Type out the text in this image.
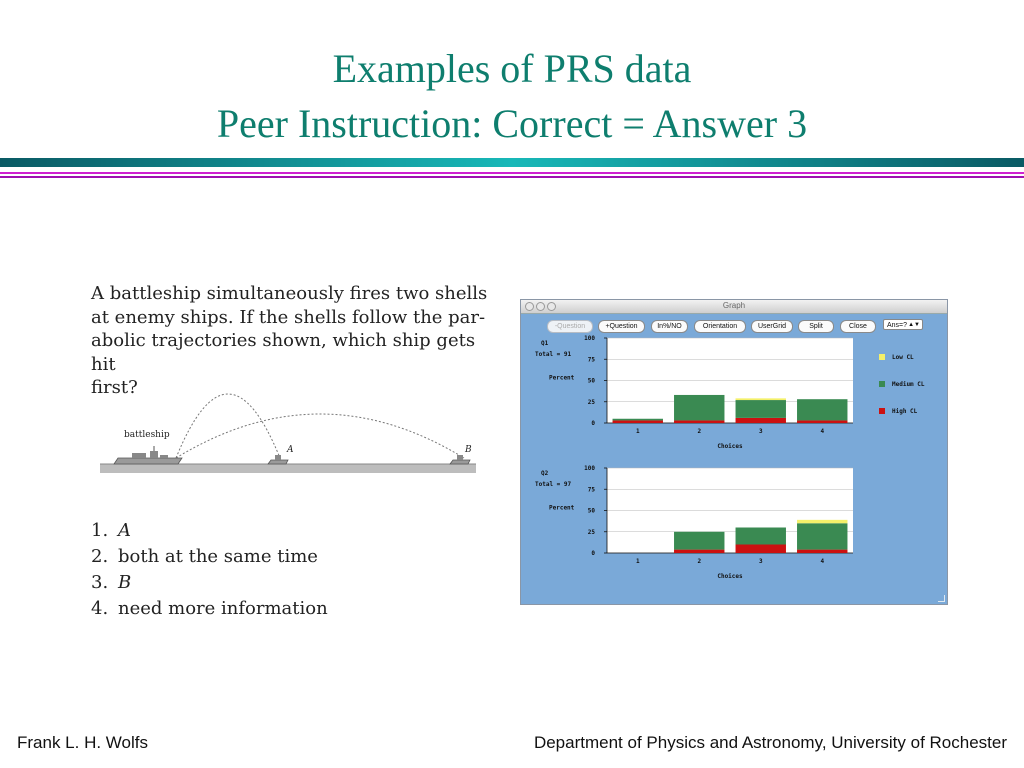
Examples of PRS data
Peer Instruction: Correct = Answer 3

A battleship simultaneously fires two shells

at enemy ships. If the shells follow the par-

abolic trajectories shown, which ship gets hit

first?

battleship
A	B
1. A
2. both at the same time
3. B
4. need more information
Graph
-Question	+Question	In%/NO	Orientation	UserGrid	Split	Close	Ans=? ▲▼
0
25
50
75
100
1	2	3	4
Q1
Total = 91
Percent
Choices
0
25
50
75
100
1	2	3	4
Q2
Total = 97
Percent
Choices
Low CL
Medium CL
High CL
Frank L. H. Wolfs	Department of Physics and Astronomy, University of Rochester
